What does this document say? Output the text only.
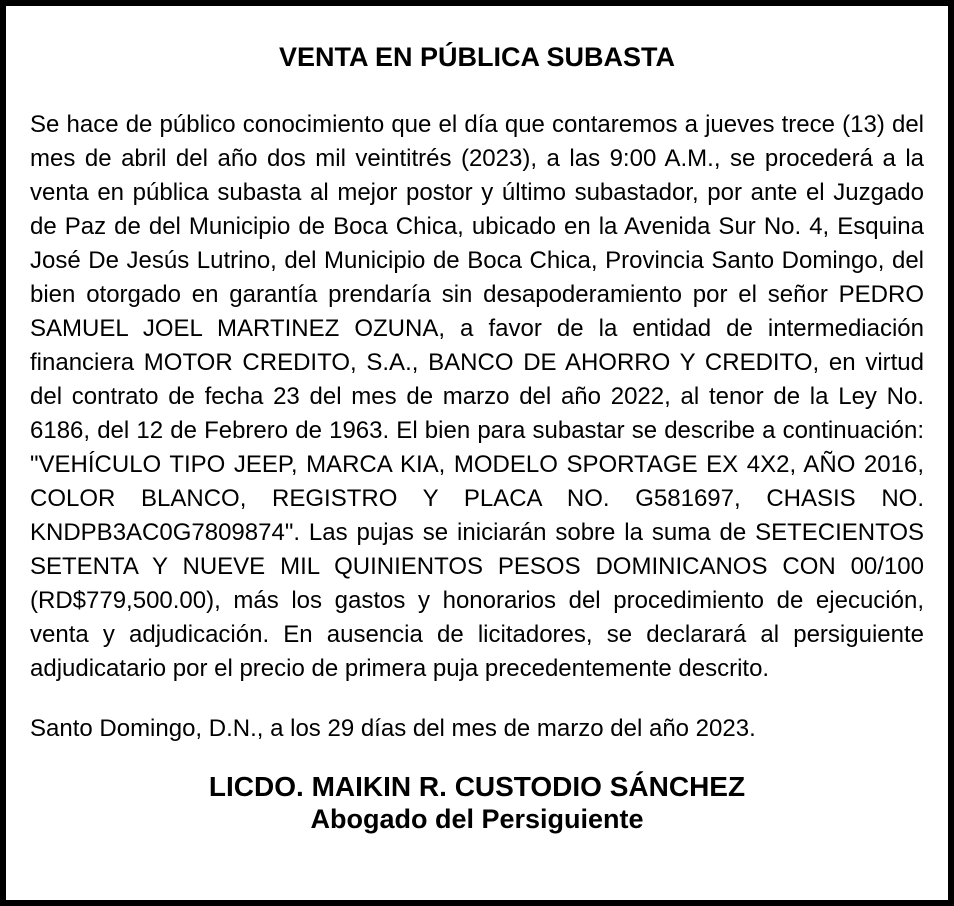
VENTA EN PÚBLICA SUBASTA
Se hace de público conocimiento que el día que contaremos a jueves trece (13) del
mes de abril del año dos mil veintitrés (2023), a las 9:00 A.M., se procederá a la
venta en pública subasta al mejor postor y último subastador, por ante el Juzgado
de Paz de del Municipio de Boca Chica, ubicado en la Avenida Sur No. 4, Esquina
José De Jesús Lutrino, del Municipio de Boca Chica, Provincia Santo Domingo, del
bien otorgado en garantía prendaría sin desapoderamiento por el señor PEDRO
SAMUEL JOEL MARTINEZ OZUNA, a favor de la entidad de intermediación
financiera MOTOR CREDITO, S.A., BANCO DE AHORRO Y CREDITO, en virtud
del contrato de fecha 23 del mes de marzo del año 2022, al tenor de la Ley No.
6186, del 12 de Febrero de 1963. El bien para subastar se describe a continuación:
"VEHÍCULO TIPO JEEP, MARCA KIA, MODELO SPORTAGE EX 4X2, AÑO 2016,
COLOR BLANCO, REGISTRO Y PLACA NO. G581697, CHASIS NO.
KNDPB3AC0G7809874". Las pujas se iniciarán sobre la suma de SETECIENTOS
SETENTA Y NUEVE MIL QUINIENTOS PESOS DOMINICANOS CON 00/100
(RD$779,500.00), más los gastos y honorarios del procedimiento de ejecución,
venta y adjudicación. En ausencia de licitadores, se declarará al persiguiente
adjudicatario por el precio de primera puja precedentemente descrito.

Santo Domingo, D.N., a los 29 días del mes de marzo del año 2023.

LICDO. MAIKIN R. CUSTODIO SÁNCHEZ
Abogado del Persiguiente
